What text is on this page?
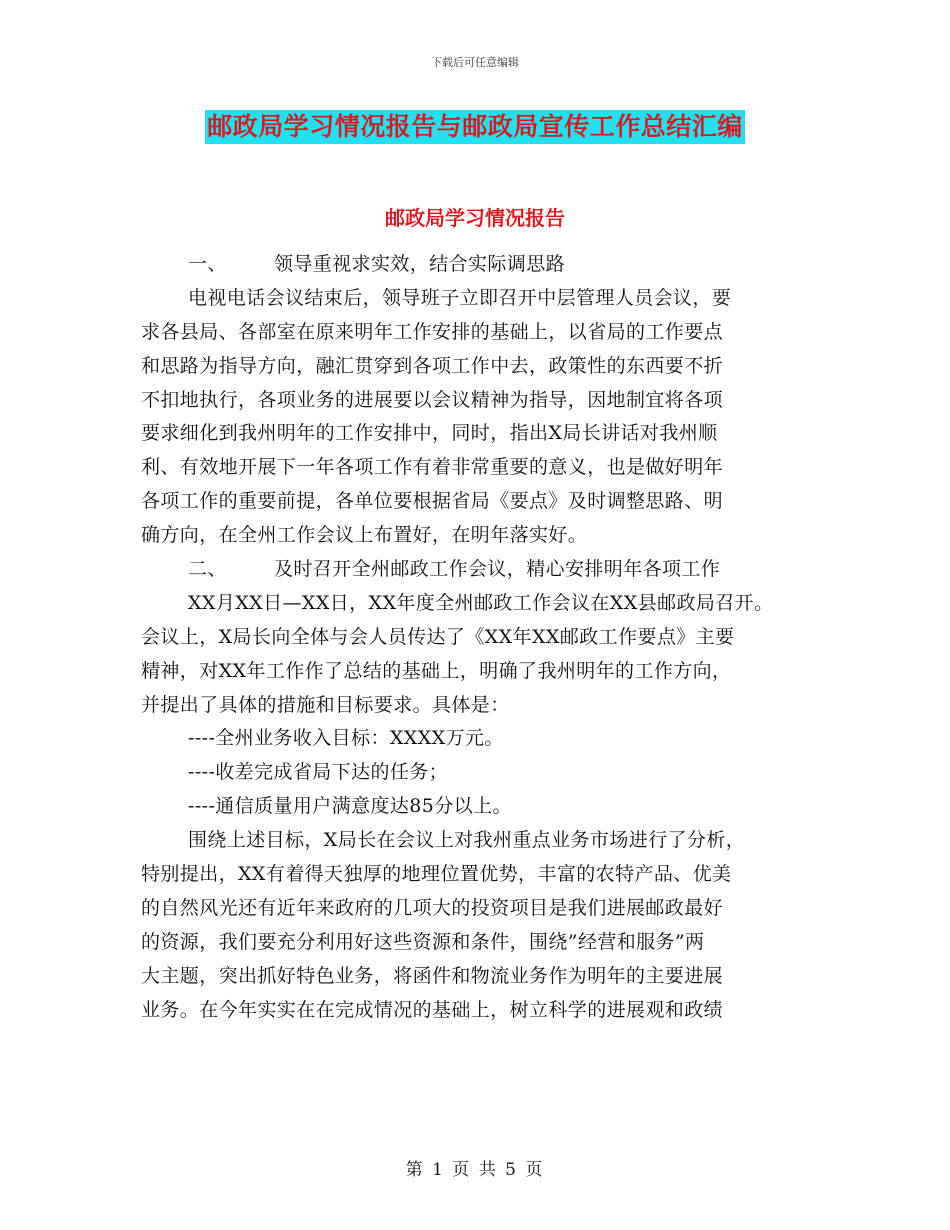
下载后可任意编辑
邮政局学习情况报告与邮政局宣传工作总结汇编
邮政局学习情况报告
一、 领导重视求实效，结合实际调思路
电视电话会议结束后，领导班子立即召开中层管理人员会议，要
求各县局、各部室在原来明年工作安排的基础上，以省局的工作要点
和思路为指导方向，融汇贯穿到各项工作中去，政策性的东西要不折
不扣地执行，各项业务的进展要以会议精神为指导，因地制宜将各项
要求细化到我州明年的工作安排中，同时，指出X局长讲话对我州顺
利、有效地开展下一年各项工作有着非常重要的意义，也是做好明年
各项工作的重要前提，各单位要根据省局《要点》及时调整思路、明
确方向，在全州工作会议上布置好，在明年落实好。
二、 及时召开全州邮政工作会议，精心安排明年各项工作
XX月XX日—XX日，XX年度全州邮政工作会议在XX县邮政局召开。
会议上，X局长向全体与会人员传达了《XX年XX邮政工作要点》主要
精神，对XX年工作作了总结的基础上，明确了我州明年的工作方向，
并提出了具体的措施和目标要求。具体是：
----全州业务收入目标：XXXX万元。
----收差完成省局下达的任务；
----通信质量用户满意度达85分以上。
围绕上述目标，X局长在会议上对我州重点业务市场进行了分析，
特别提出，XX有着得天独厚的地理位置优势，丰富的农特产品、优美
的自然风光还有近年来政府的几项大的投资项目是我们进展邮政最好
的资源，我们要充分利用好这些资源和条件，围绕”经营和服务”两
大主题，突出抓好特色业务，将函件和物流业务作为明年的主要进展
业务。在今年实实在在完成情况的基础上，树立科学的进展观和政绩
第 1 页 共 5 页
